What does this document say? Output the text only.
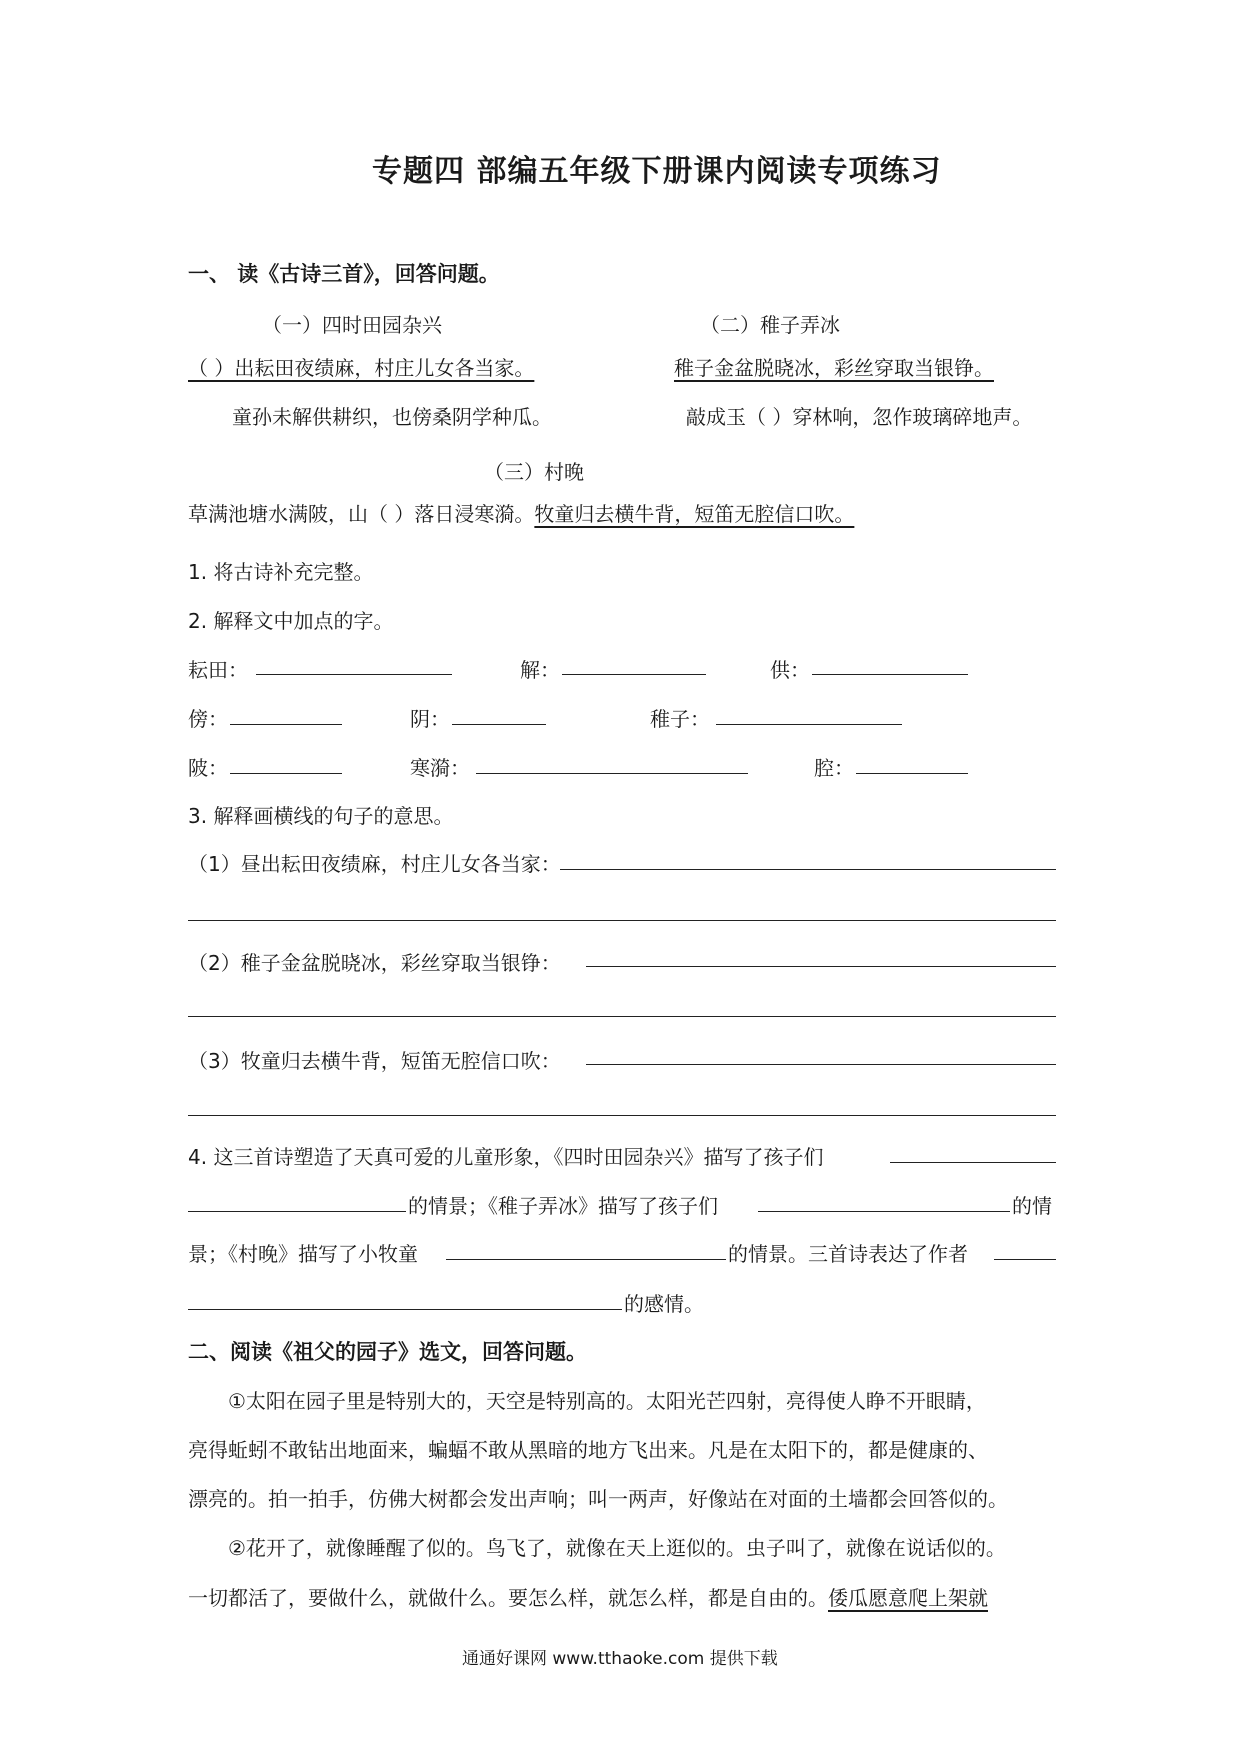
专题四 部编五年级下册课内阅读专项练习
一、 读《古诗三首》，回答问题。
（一）四时田园杂兴	（二）稚子弄冰
（ ）出耘田夜绩麻，村庄儿女各当家。	稚子金盆脱晓冰，彩丝穿取当银铮。
童孙未解供耕织，也傍桑阴学种瓜。	敲成玉（ ）穿林响，忽作玻璃碎地声。
（三）村晚
草满池塘水满陂，山（ ）落日浸寒漪。牧童归去横牛背，短笛无腔信口吹。
1. 将古诗补充完整。
2. 解释文中加点的字。
耘田：	解：	供：
傍：	阴：	稚子：
陂：	寒漪：	腔：
3. 解释画横线的句子的意思。
（1）昼出耘田夜绩麻，村庄儿女各当家：
（2）稚子金盆脱晓冰，彩丝穿取当银铮：
（3）牧童归去横牛背，短笛无腔信口吹：
4. 这三首诗塑造了天真可爱的儿童形象，《四时田园杂兴》描写了孩子们
的情景；《稚子弄冰》描写了孩子们	的情
景；《村晚》描写了小牧童	的情景。三首诗表达了作者
的感情。
二、阅读《祖父的园子》选文，回答问题。
①太阳在园子里是特别大的，天空是特别高的。太阳光芒四射，亮得使人睁不开眼睛，
亮得蚯蚓不敢钻出地面来，蝙蝠不敢从黑暗的地方飞出来。凡是在太阳下的，都是健康的、
漂亮的。拍一拍手，仿佛大树都会发出声响；叫一两声，好像站在对面的土墙都会回答似的。
②花开了，就像睡醒了似的。鸟飞了，就像在天上逛似的。虫子叫了，就像在说话似的。
一切都活了，要做什么，就做什么。要怎么样，就怎么样，都是自由的。倭瓜愿意爬上架就
通通好课网 www.tthaoke.com 提供下载
